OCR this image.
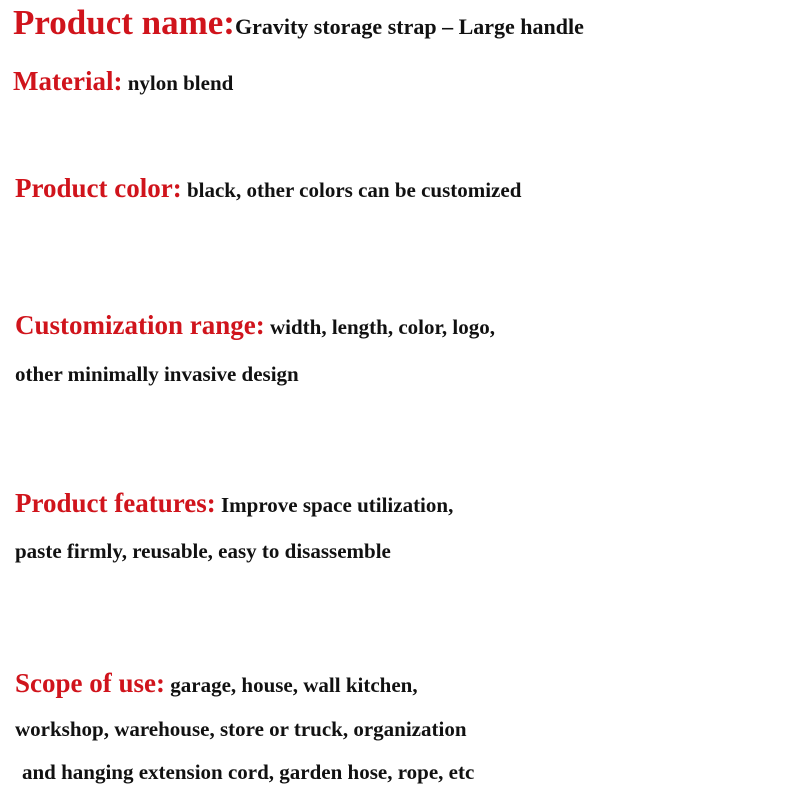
Product name:Gravity storage strap – Large handle
Material: nylon blend
Product color: black, other colors can be customized
Customization range: width, length, color, logo,
other minimally invasive design
Product features: Improve space utilization,
paste firmly, reusable, easy to disassemble
Scope of use: garage, house, wall kitchen,
workshop, warehouse, store or truck, organization
and hanging extension cord, garden hose, rope, etc
